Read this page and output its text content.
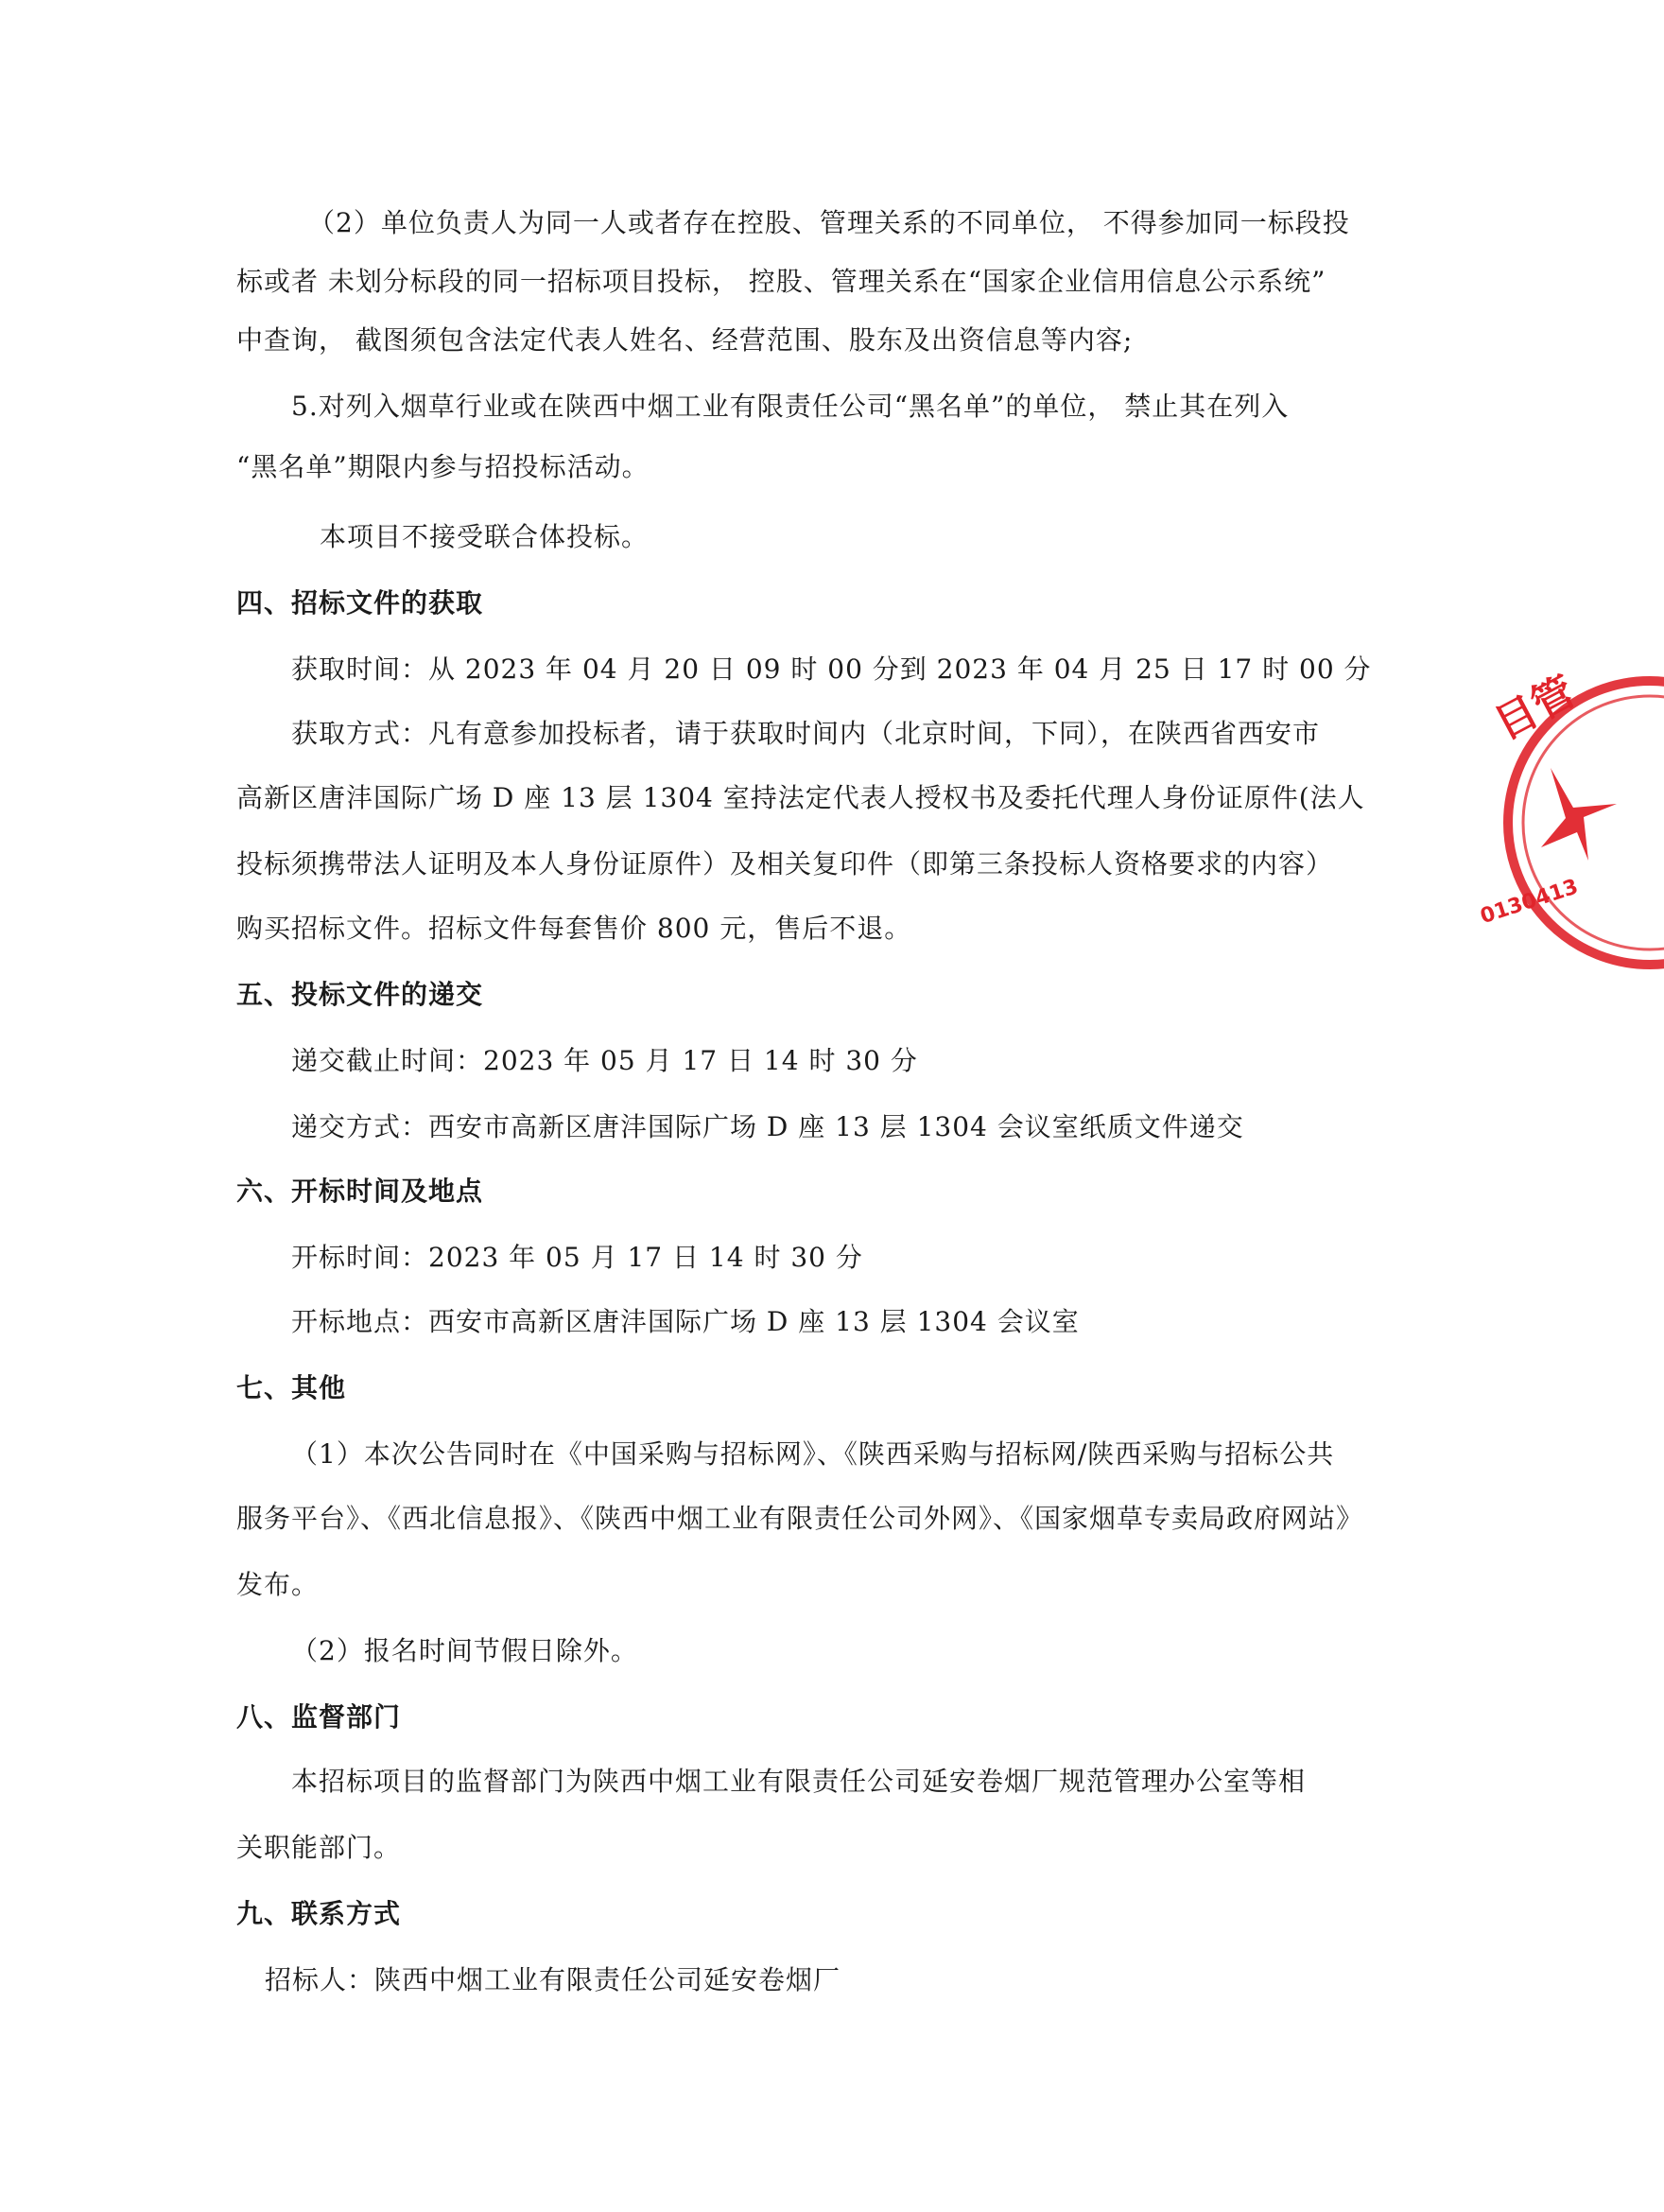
（2）单位负责人为同一人或者存在控股、管理关系的不同单位， 不得参加同一标段投
标或者 未划分标段的同一招标项目投标， 控股、管理关系在“国家企业信用信息公示系统”
中查询， 截图须包含法定代表人姓名、经营范围、股东及出资信息等内容;
5.对列入烟草行业或在陕西中烟工业有限责任公司“黑名单”的单位， 禁止其在列入
“黑名单”期限内参与招投标活动。
本项目不接受联合体投标。
四、招标文件的获取
获取时间：从 2023 年 04 月 20 日 09 时 00 分到 2023 年 04 月 25 日 17 时 00 分
获取方式：凡有意参加投标者，请于获取时间内（北京时间，下同），在陕西省西安市
高新区唐沣国际广场 D 座 13 层 1304 室持法定代表人授权书及委托代理人身份证原件(法人
投标须携带法人证明及本人身份证原件）及相关复印件（即第三条投标人资格要求的内容）
购买招标文件。招标文件每套售价 800 元，售后不退。
五、投标文件的递交
递交截止时间：2023 年 05 月 17 日 14 时 30 分
递交方式：西安市高新区唐沣国际广场 D 座 13 层 1304 会议室纸质文件递交
六、开标时间及地点
开标时间：2023 年 05 月 17 日 14 时 30 分
开标地点：西安市高新区唐沣国际广场 D 座 13 层 1304 会议室
七、其他
（1）本次公告同时在《中国采购与招标网》、《陕西采购与招标网/陕西采购与招标公共
服务平台》、《西北信息报》、《陕西中烟工业有限责任公司外网》、《国家烟草专卖局政府网站》
发布。
（2）报名时间节假日除外。
八、监督部门
本招标项目的监督部门为陕西中烟工业有限责任公司延安卷烟厂规范管理办公室等相
关职能部门。
九、联系方式
招标人：陕西中烟工业有限责任公司延安卷烟厂
目管
0130413
